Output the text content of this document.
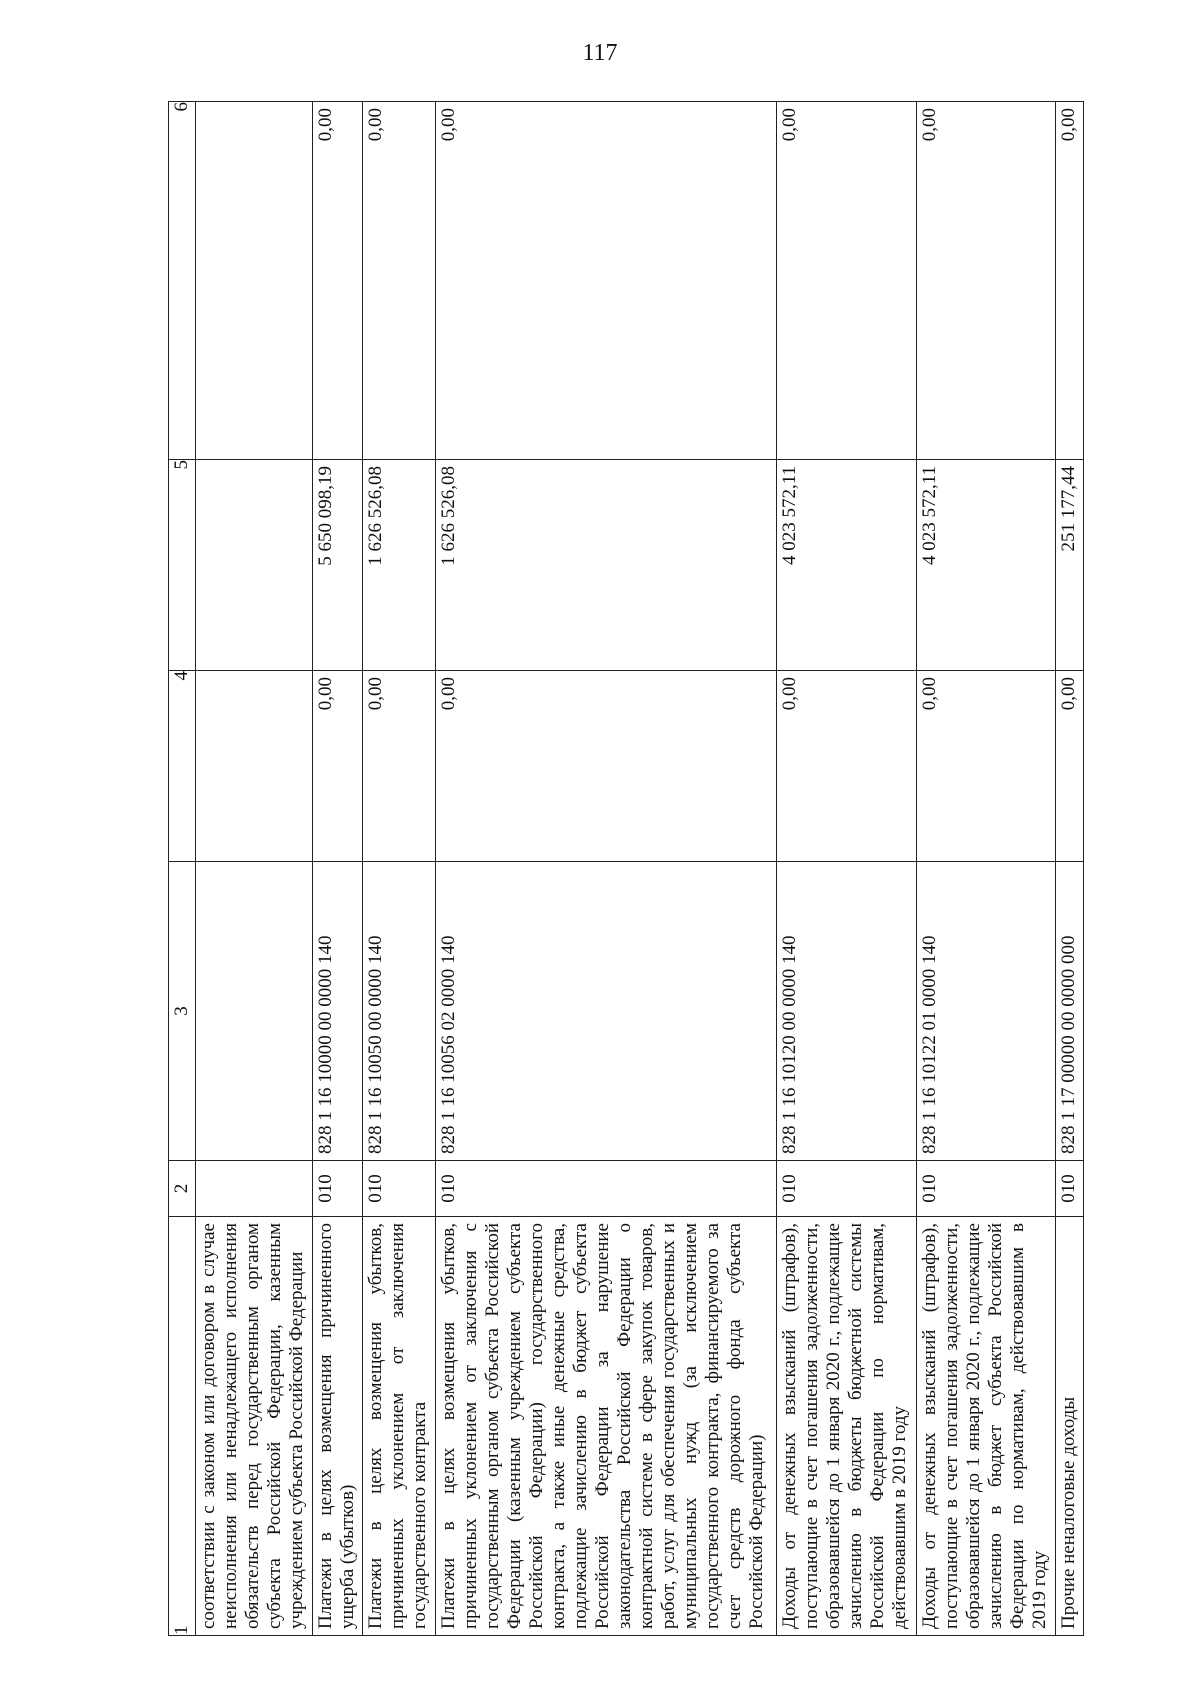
117
1	2	3	4	5	6
соответствии с законом или договором в случае неисполнения или ненадлежащего исполнения обязательств перед государственным органом субъекта Российской Федерации, казенным учреждением субъекта Российской Федерации					
Платежи в целях возмещения причиненного ущерба (убытков)	010	828 1 16 10000 00 0000 140	0,00	5 650 098,19	0,00
Платежи в целях возмещения убытков, причиненных уклонением от заключения государственного контракта	010	828 1 16 10050 00 0000 140	0,00	1 626 526,08	0,00
Платежи в целях возмещения убытков, причиненных уклонением от заключения с государственным органом субъекта Российской Федерации (казенным учреждением субъекта Российской Федерации) государственного контракта, а также иные денежные средства, подлежащие зачислению в бюджет субъекта Российской Федерации за нарушение законодательства Российской Федерации о контрактной системе в сфере закупок товаров, работ, услуг для обеспечения государственных и муниципальных нужд (за исключением государственного контракта, финансируемого за счет средств дорожного фонда субъекта Российской Федерации)	010	828 1 16 10056 02 0000 140	0,00	1 626 526,08	0,00
Доходы от денежных взысканий (штрафов), поступающие в счет погашения задолженности, образовавшейся до 1 января 2020 г., подлежащие зачислению в бюджеты бюджетной системы Российской Федерации по нормативам, действовавшим в 2019 году	010	828 1 16 10120 00 0000 140	0,00	4 023 572,11	0,00
Доходы от денежных взысканий (штрафов), поступающие в счет погашения задолженности, образовавшейся до 1 января 2020 г., подлежащие зачислению в бюджет субъекта Российской Федерации по нормативам, действовавшим в 2019 году	010	828 1 16 10122 01 0000 140	0,00	4 023 572,11	0,00
Прочие неналоговые доходы	010	828 1 17 00000 00 0000 000	0,00	251 177,44	0,00
